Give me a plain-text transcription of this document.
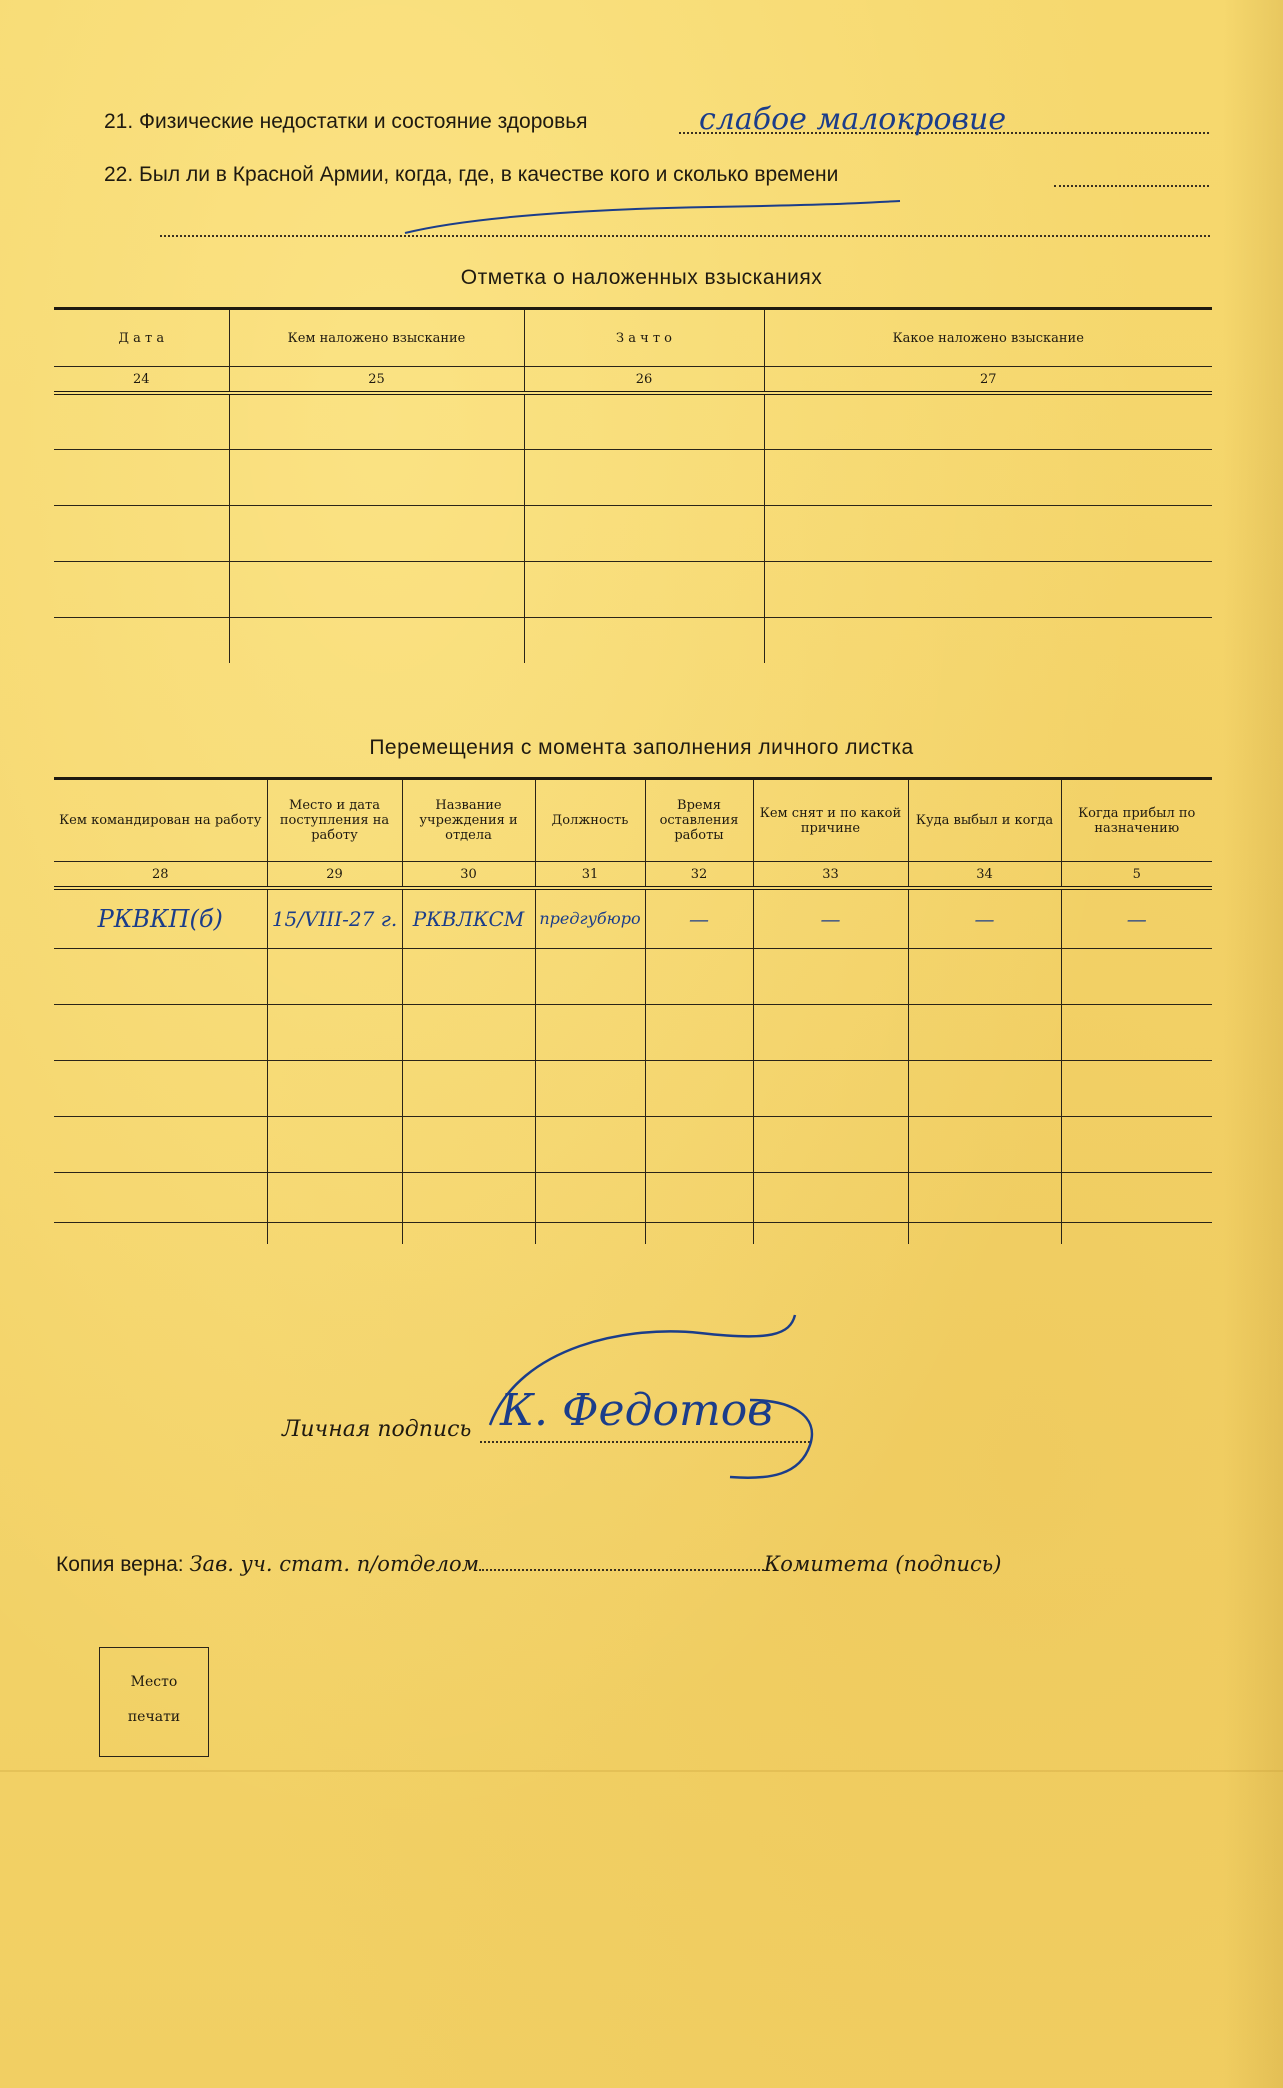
21. Физические недостатки и состояние здоровья	слабое малокровие
22. Был ли в Красной Армии, когда, где, в качестве кого и сколько времени
Отметка о наложенных взысканиях
Д а т а	Кем наложено взыскание	З а ч т о	Какое наложено взыскание
24	25	26	27

Перемещения с момента заполнения личного листка
Кем командирован на работу	Место и дата поступления на работу	Название учреждения и отдела	Должность	Время оставления работы	Кем снят и по какой причине	Куда выбыл и когда	Когда прибыл по назначению
28	29	30	31	32	33	34	5
РКВКП(б)	15/VIII-27 г.	РКВЛКСМ	предгубюро	—	—	—	—

Личная подпись К. Федотов
Копия верна: Зав. уч. стат. п/отделом	Комитета (подпись)
Место
печати
